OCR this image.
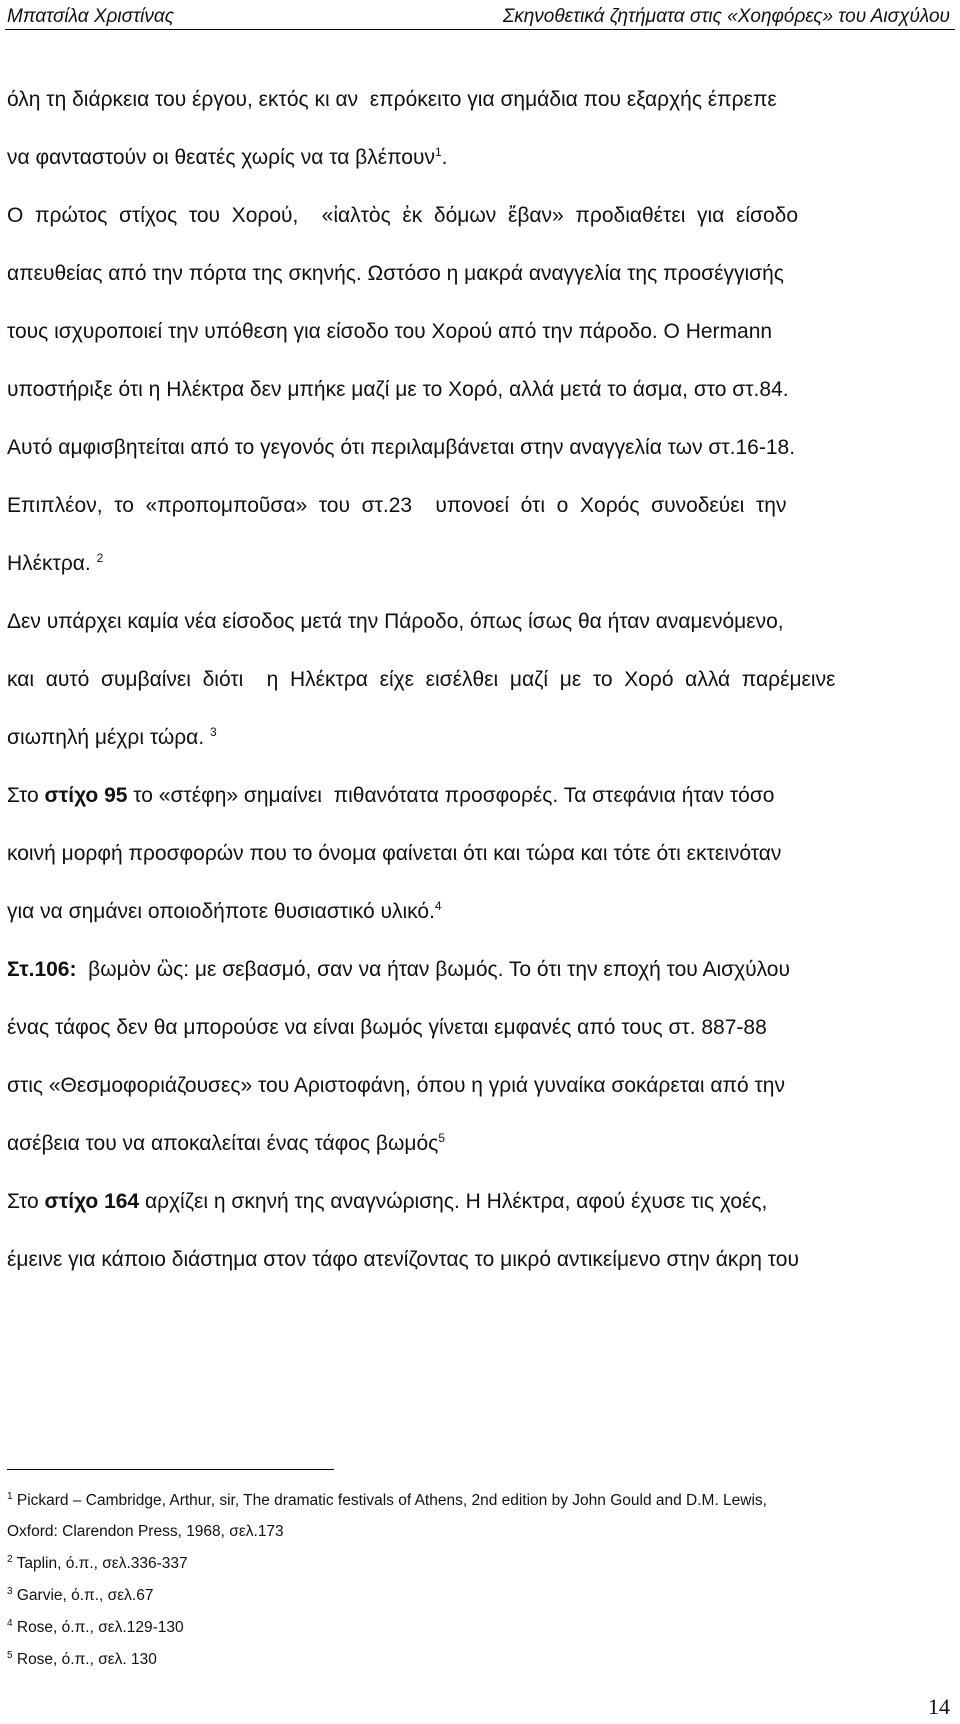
Μπατσίλα Χριστίνας	Σκηνοθετικά ζητήματα στις «Χοηφόρες» του Αισχύλου
όλη τη διάρκεια του έργου, εκτός κι αν  επρόκειτο για σημάδια που εξαρχής έπρεπε
να φανταστούν οι θεατές χωρίς να τα βλέπουν$^1$.
Ο  πρώτος  στίχος  του  Χορού,    «ἰαλτὸς  ἐκ  δόμων  ἔβαν»  προδιαθέτει  για  είσοδο
απευθείας από την πόρτα της σκηνής. Ωστόσο η μακρά αναγγελία της προσέγγισής
τους ισχυροποιεί την υπόθεση για είσοδο του Χορού από την πάροδο. Ο Hermann
υποστήριξε ότι η Ηλέκτρα δεν μπήκε μαζί με το Χορό, αλλά μετά το άσμα, στο στ.84.
Αυτό αμφισβητείται από το γεγονός ότι περιλαμβάνεται στην αναγγελία των στ.16-18.
Επιπλέον,  το  «προπομποῦσα»  του  στ.23    υπονοεί  ότι  ο  Χορός  συνοδεύει  την
Ηλέκτρα. $^2$
Δεν υπάρχει καμία νέα είσοδος μετά την Πάροδο, όπως ίσως θα ήταν αναμενόμενο,
και  αυτό  συμβαίνει  διότι    η  Ηλέκτρα  είχε  εισέλθει  μαζί  με  το  Χορό  αλλά  παρέμεινε
σιωπηλή μέχρι τώρα. $^3$
Στο στίχο 95 το «στέφη» σημαίνει  πιθανότατα προσφορές. Τα στεφάνια ήταν τόσο
κοινή μορφή προσφορών που το όνομα φαίνεται ότι και τώρα και τότε ότι εκτεινόταν
για να σημάνει οποιοδήποτε θυσιαστικό υλικό.$^4$
Στ.106:  βωμὸν ὣς: με σεβασμό, σαν να ήταν βωμός. Το ότι την εποχή του Αισχύλου
ένας τάφος δεν θα μπορούσε να είναι βωμός γίνεται εμφανές από τους στ. 887-88
στις «Θεσμοφοριάζουσες» του Αριστοφάνη, όπου η γριά γυναίκα σοκάρεται από την
ασέβεια του να αποκαλείται ένας τάφος βωμός$^5$
Στο στίχο 164 αρχίζει η σκηνή της αναγνώρισης. Η Ηλέκτρα, αφού έχυσε τις χοές,
έμεινε για κάποιο διάστημα στον τάφο ατενίζοντας το μικρό αντικείμενο στην άκρη του
$^1$ Pickard – Cambridge, Arthur, sir, The dramatic festivals of Athens, 2nd edition by John Gould and D.M. Lewis,
Oxford: Clarendon Press, 1968, σελ.173
$^2$ Taplin, ό.π., σελ.336-337
$^3$ Garvie, ό.π., σελ.67
$^4$ Rose, ό.π., σελ.129-130
$^5$ Rose, ό.π., σελ. 130
14
